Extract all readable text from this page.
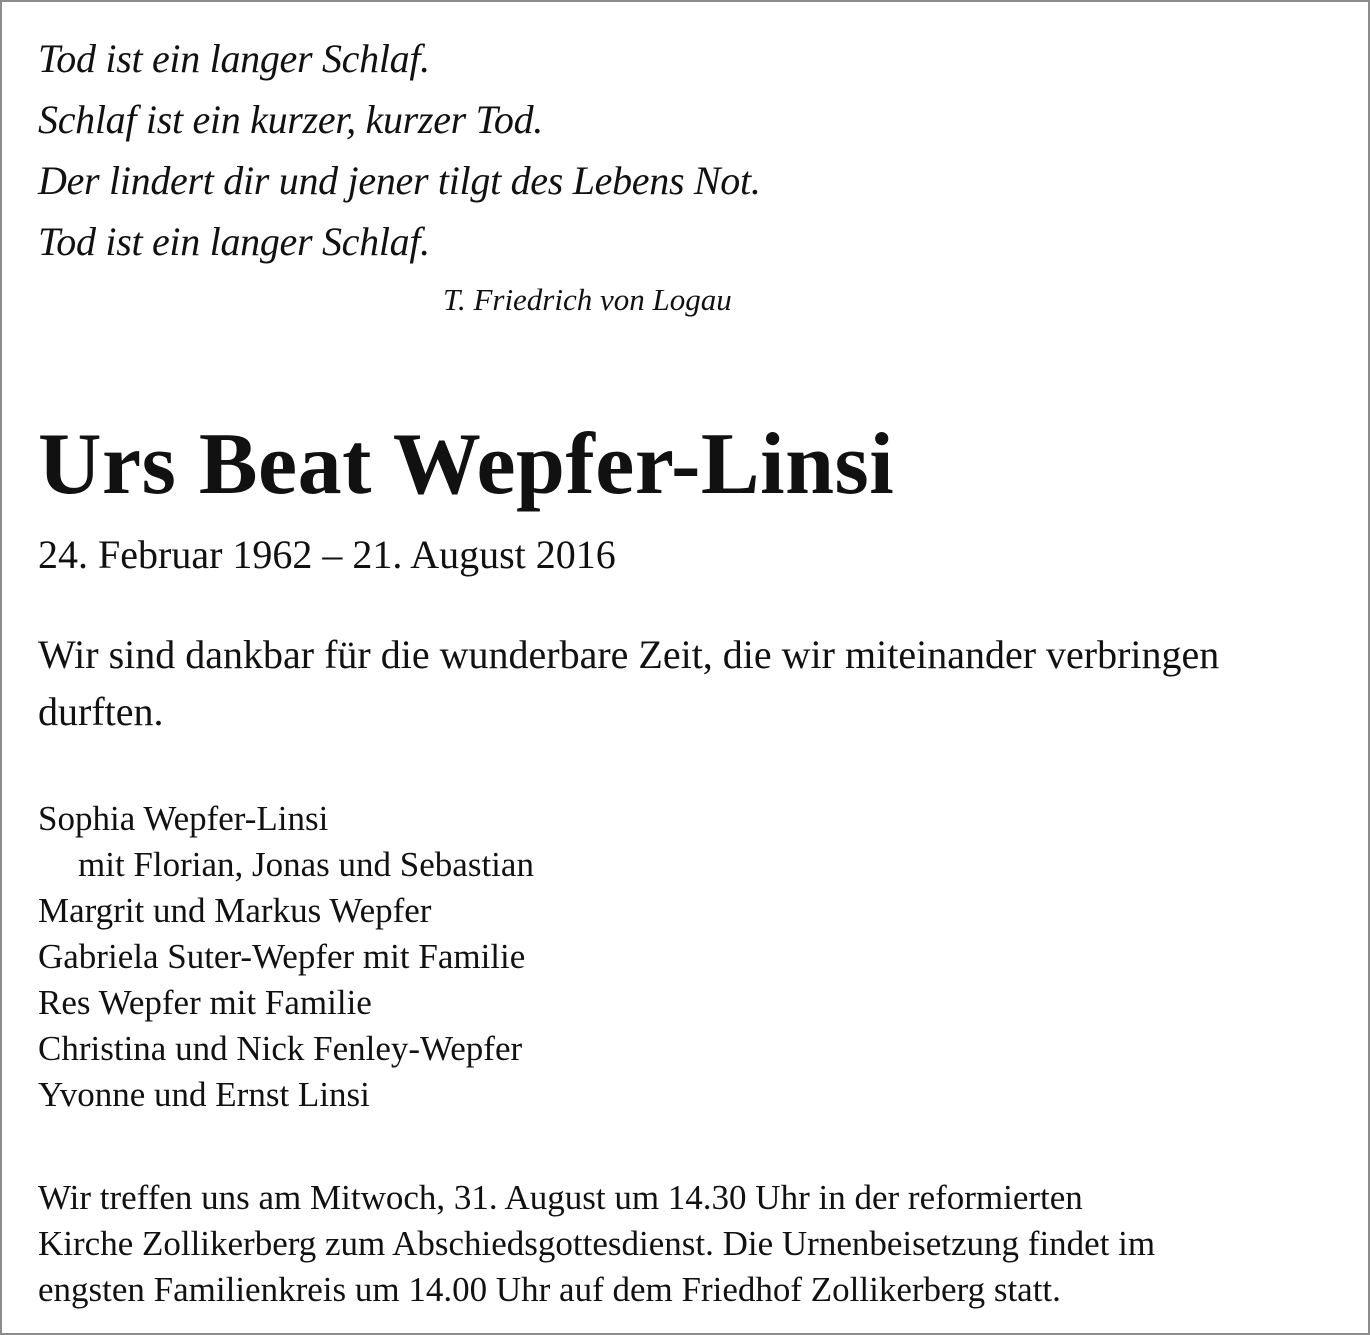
Tod ist ein langer Schlaf.
Schlaf ist ein kurzer, kurzer Tod.
Der lindert dir und jener tilgt des Lebens Not.
Tod ist ein langer Schlaf.
T. Friedrich von Logau
Urs Beat Wepfer-Linsi
24. Februar 1962 – 21. August 2016

Wir sind dankbar für die wunderbare Zeit, die wir miteinander verbringen durften.

Sophia Wepfer-Linsi
mit Florian, Jonas und Sebastian
Margrit und Markus Wepfer
Gabriela Suter-Wepfer mit Familie
Res Wepfer mit Familie
Christina und Nick Fenley-Wepfer
Yvonne und Ernst Linsi
Wir treffen uns am Mitwoch, 31. August um 14.30 Uhr in der reformierten
Kirche Zollikerberg zum Abschiedsgottesdienst. Die Urnenbeisetzung findet im
engsten Familienkreis um 14.00 Uhr auf dem Friedhof Zollikerberg statt.
